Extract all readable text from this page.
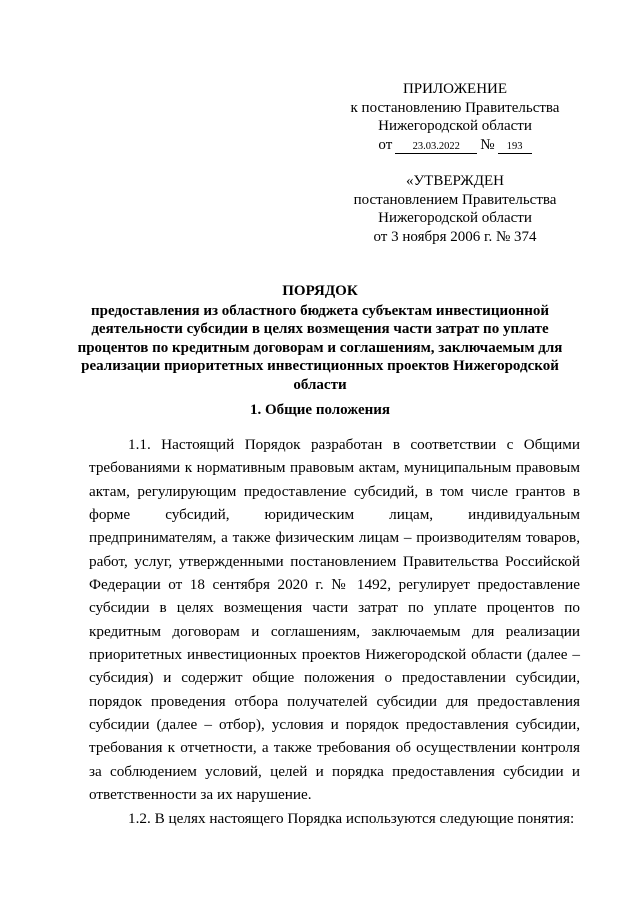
ПРИЛОЖЕНИЕ
к постановлению Правительства
Нижегородской области
от	23.03.2022	№	193
«УТВЕРЖДЕН
постановлением Правительства
Нижегородской области
от 3 ноября 2006 г. № 374
ПОРЯДОК
предоставления из областного бюджета субъектам инвестиционной деятельности субсидии в целях возмещения части затрат по уплате процентов по кредитным договорам и соглашениям, заключаемым для реализации приоритетных инвестиционных проектов Нижегородской области
1. Общие положения

1.1. Настоящий Порядок разработан в соответствии с Общими требованиями к нормативным правовым актам, муниципальным правовым актам, регулирующим предоставление субсидий, в том числе грантов в форме субсидий, юридическим лицам, индивидуальным предпринимателям, а также физическим лицам – производителям товаров, работ, услуг, утвержденными постановлением Правительства Российской Федерации от 18 сентября 2020 г. № 1492, регулирует предоставление субсидии в целях возмещения части затрат по уплате процентов по кредитным договорам и соглашениям, заключаемым для реализации приоритетных инвестиционных проектов Нижегородской области (далее – субсидия) и содержит общие положения о предоставлении субсидии, порядок проведения отбора получателей субсидии для предоставления субсидии (далее – отбор), условия и порядок предоставления субсидии, требования к отчетности, а также требования об осуществлении контроля за соблюдением условий, целей и порядка предоставления субсидии и ответственности за их нарушение.

1.2. В целях настоящего Порядка используются следующие понятия:
